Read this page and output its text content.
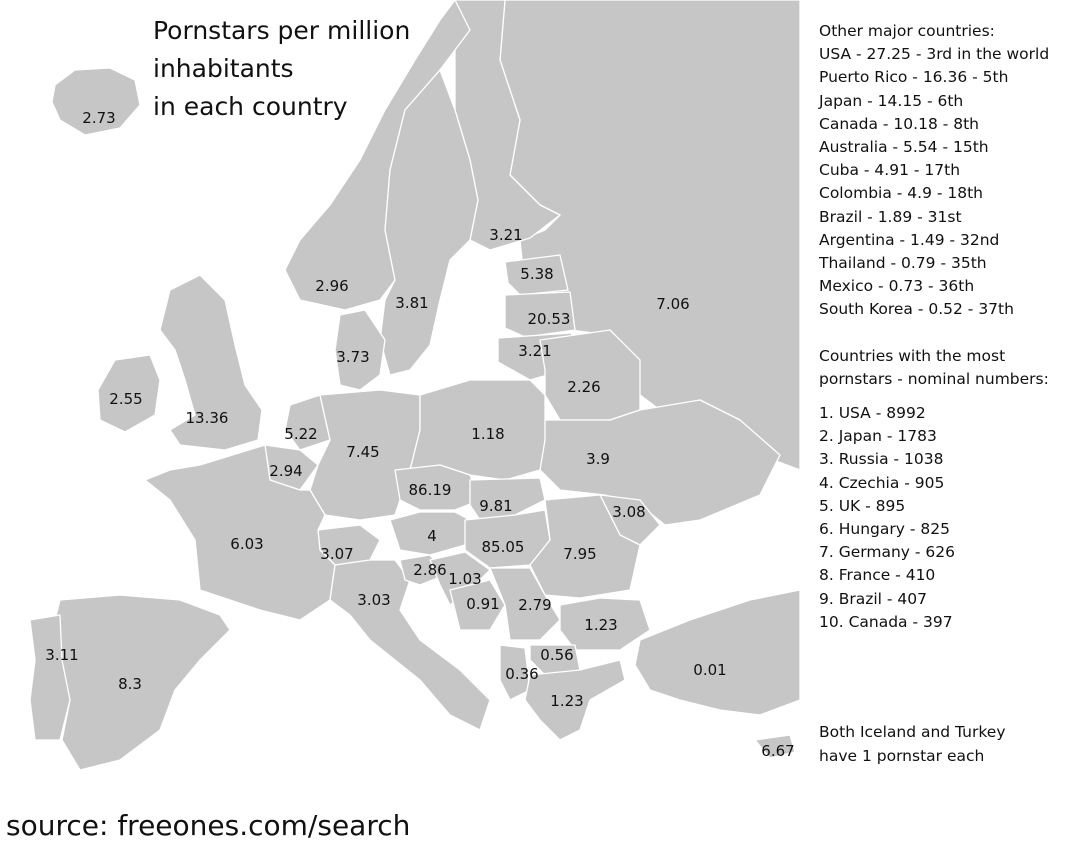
2.73
2.55
13.36
2.96
3.81
3.21
3.73
5.38
20.53
3.21
7.06
2.26
5.22
2.94
7.45
1.18
3.9
86.19
9.81	3.08
6.03
3.07
4
85.05	7.95
2.86 1.03
0.91 2.79
3.03
1.23
0.56
0.36
1.23
0.01
6.67
3.11
8.3
Pornstars per million
inhabitants
in each country
source: freeones.com/search
Other major countries:
USA - 27.25 - 3rd in the world
Puerto Rico - 16.36 - 5th
Japan - 14.15 - 6th
Canada - 10.18 - 8th
Australia - 5.54 - 15th
Cuba - 4.91 - 17th
Colombia - 4.9 - 18th
Brazil - 1.89 - 31st
Argentina - 1.49 - 32nd
Thailand - 0.79 - 35th
Mexico - 0.73 - 36th
South Korea - 0.52 - 37th
Countries with the most
pornstars - nominal numbers:
1. USA - 8992
2. Japan - 1783
3. Russia - 1038
4. Czechia - 905
5. UK - 895
6. Hungary - 825
7. Germany - 626
8. France - 410
9. Brazil - 407
10. Canada - 397
Both Iceland and Turkey
have 1 pornstar each
